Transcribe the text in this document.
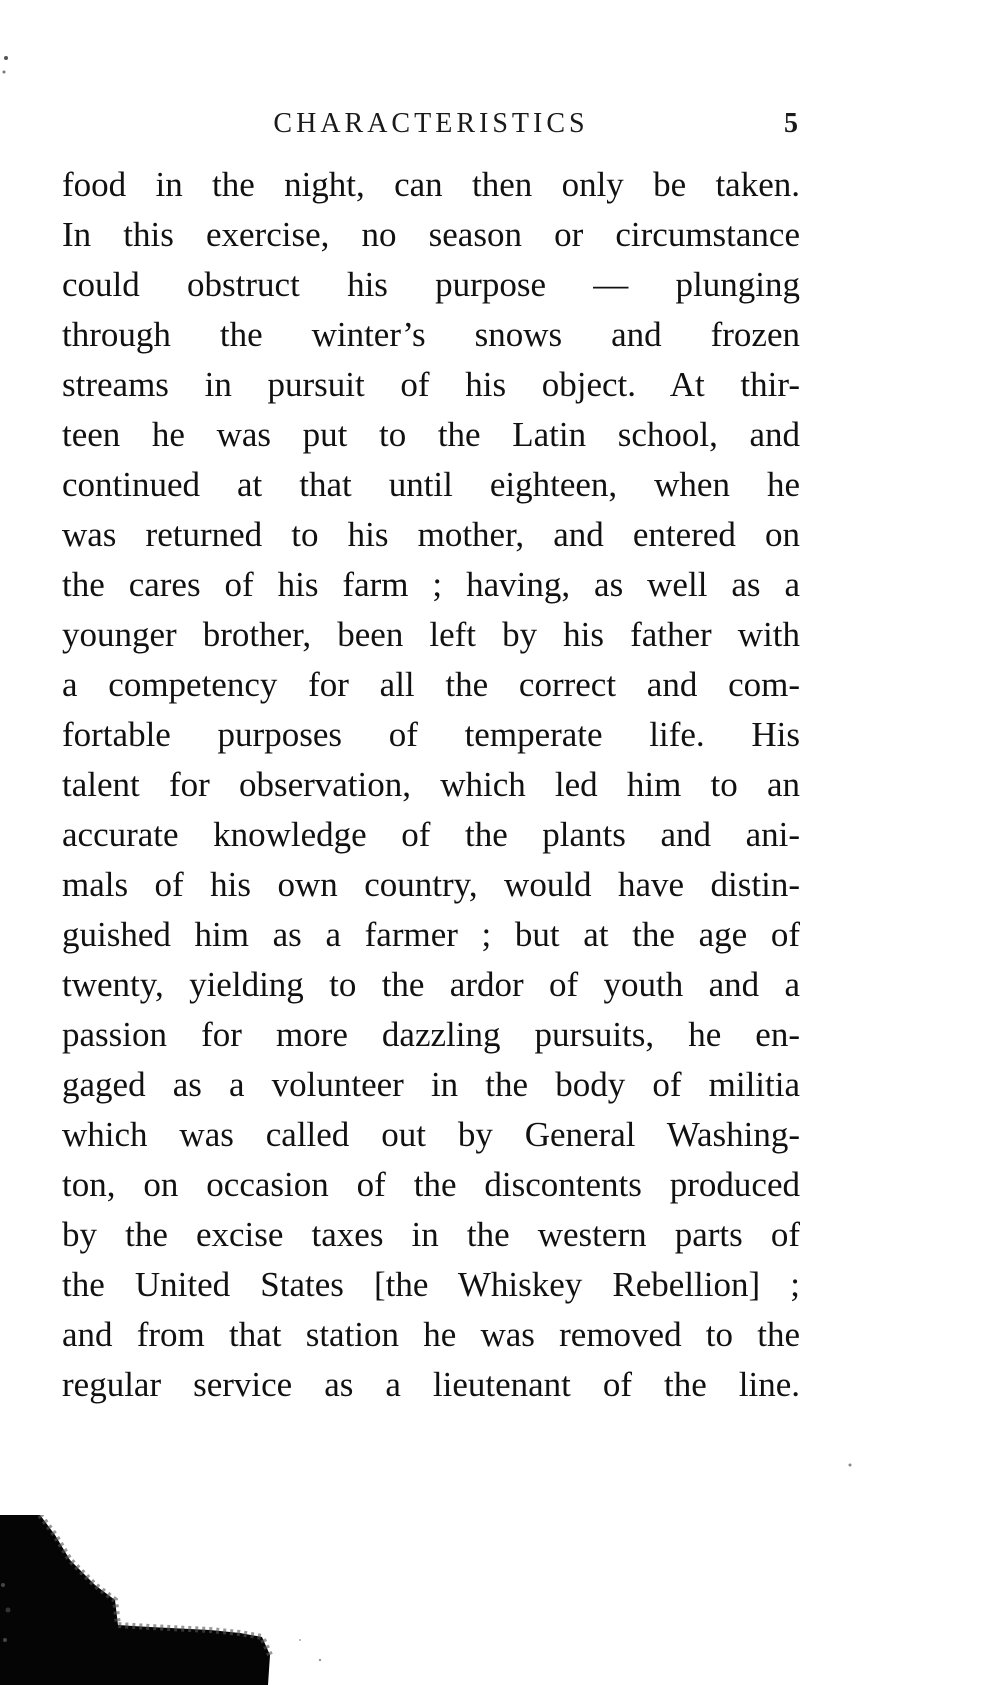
CHARACTERISTICS	5
food in the night, can then only be taken.
In this exercise, no season or circumstance
could obstruct his purpose — plunging
through the winter’s snows and frozen
streams in pursuit of his object. At thir-
teen he was put to the Latin school, and
continued at that until eighteen, when he
was returned to his mother, and entered on
the cares of his farm ; having, as well as a
younger brother, been left by his father with
a competency for all the correct and com-
fortable purposes of temperate life. His
talent for observation, which led him to an
accurate knowledge of the plants and ani-
mals of his own country, would have distin-
guished him as a farmer ; but at the age of
twenty, yielding to the ardor of youth and a
passion for more dazzling pursuits, he en-
gaged as a volunteer in the body of militia
which was called out by General Washing-
ton, on occasion of the discontents produced
by the excise taxes in the western parts of
the United States [the Whiskey Rebellion] ;
and from that station he was removed to the
regular service as a lieutenant of the line.
